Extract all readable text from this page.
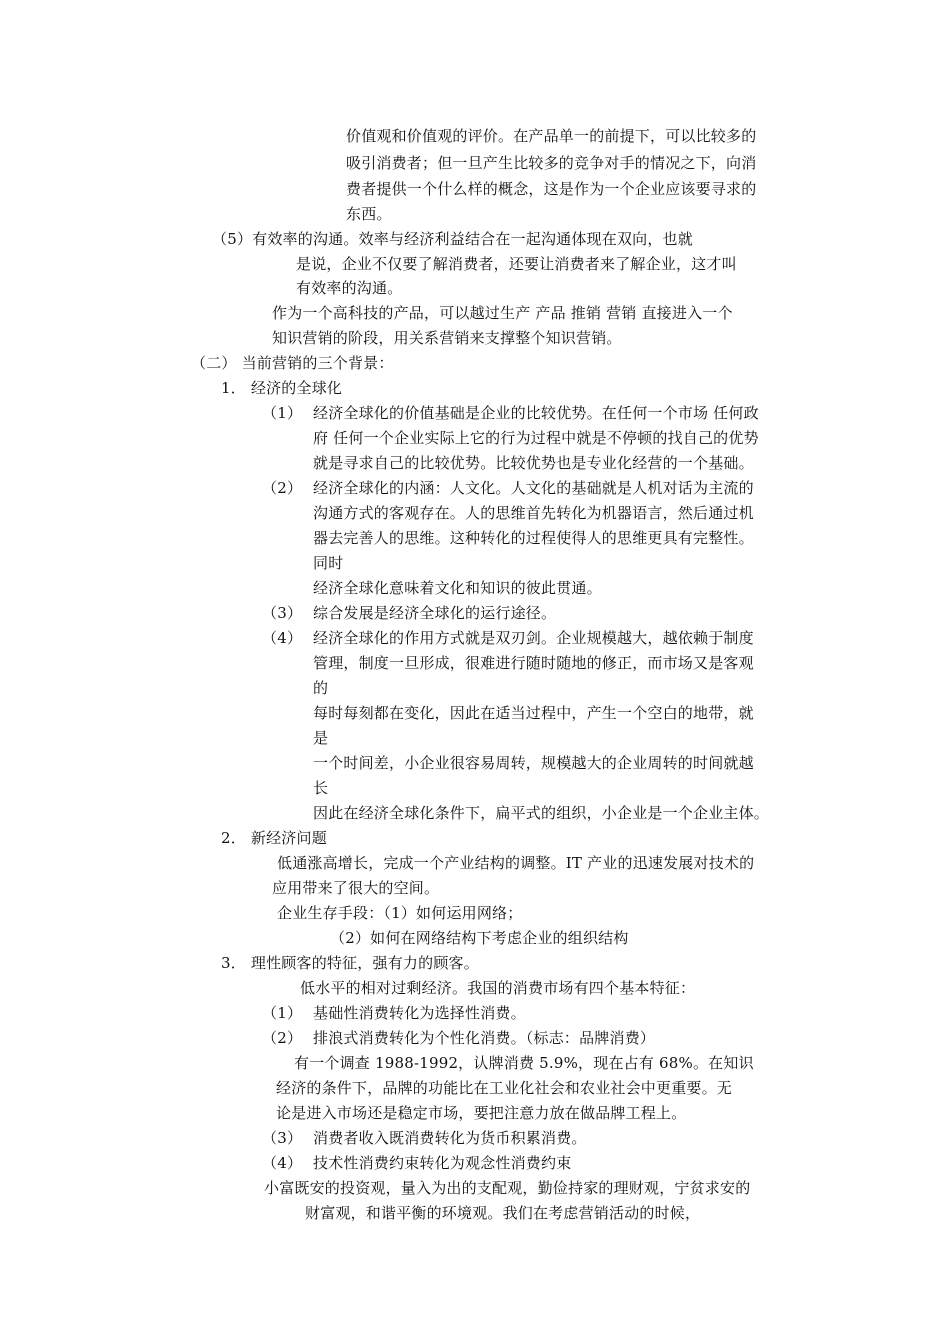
价值观和价值观的评价。在产品单一的前提下，可以比较多的
吸引消费者；但一旦产生比较多的竞争对手的情况之下，向消
费者提供一个什么样的概念，这是作为一个企业应该要寻求的
东西。
（5）有效率的沟通。效率与经济利益结合在一起沟通体现在双向，也就
是说，企业不仅要了解消费者，还要让消费者来了解企业，这才叫
有效率的沟通。
作为一个高科技的产品，可以越过生产 产品 推销 营销 直接进入一个
知识营销的阶段，用关系营销来支撑整个知识营销。
（二） 当前营销的三个背景：
1． 经济的全球化
（1） 经济全球化的价值基础是企业的比较优势。在任何一个市场 任何政
府 任何一个企业实际上它的行为过程中就是不停顿的找自己的优势
就是寻求自己的比较优势。比较优势也是专业化经营的一个基础。
（2） 经济全球化的内涵：人文化。人文化的基础就是人机对话为主流的
沟通方式的客观存在。人的思维首先转化为机器语言，然后通过机
器去完善人的思维。这种转化的过程使得人的思维更具有完整性。
同时
经济全球化意味着文化和知识的彼此贯通。
（3） 综合发展是经济全球化的运行途径。
（4） 经济全球化的作用方式就是双刃剑。企业规模越大，越依赖于制度
管理，制度一旦形成，很难进行随时随地的修正，而市场又是客观
的
每时每刻都在变化，因此在适当过程中，产生一个空白的地带，就
是
一个时间差，小企业很容易周转，规模越大的企业周转的时间就越
长
因此在经济全球化条件下，扁平式的组织，小企业是一个企业主体。
2． 新经济问题
低通涨高增长，完成一个产业结构的调整。IT 产业的迅速发展对技术的
应用带来了很大的空间。
企业生存手段：（1）如何运用网络；
（2）如何在网络结构下考虑企业的组织结构
3． 理性顾客的特征，强有力的顾客。
低水平的相对过剩经济。我国的消费市场有四个基本特征：
（1） 基础性消费转化为选择性消费。
（2） 排浪式消费转化为个性化消费。（标志：品牌消费）
有一个调查 1988-1992，认牌消费 5.9%，现在占有 68%。在知识
经济的条件下，品牌的功能比在工业化社会和农业社会中更重要。无
论是进入市场还是稳定市场，要把注意力放在做品牌工程上。
（3） 消费者收入既消费转化为货币积累消费。
（4） 技术性消费约束转化为观念性消费约束
小富既安的投资观，量入为出的支配观，勤俭持家的理财观，宁贫求安的
财富观，和谐平衡的环境观。我们在考虑营销活动的时候，
